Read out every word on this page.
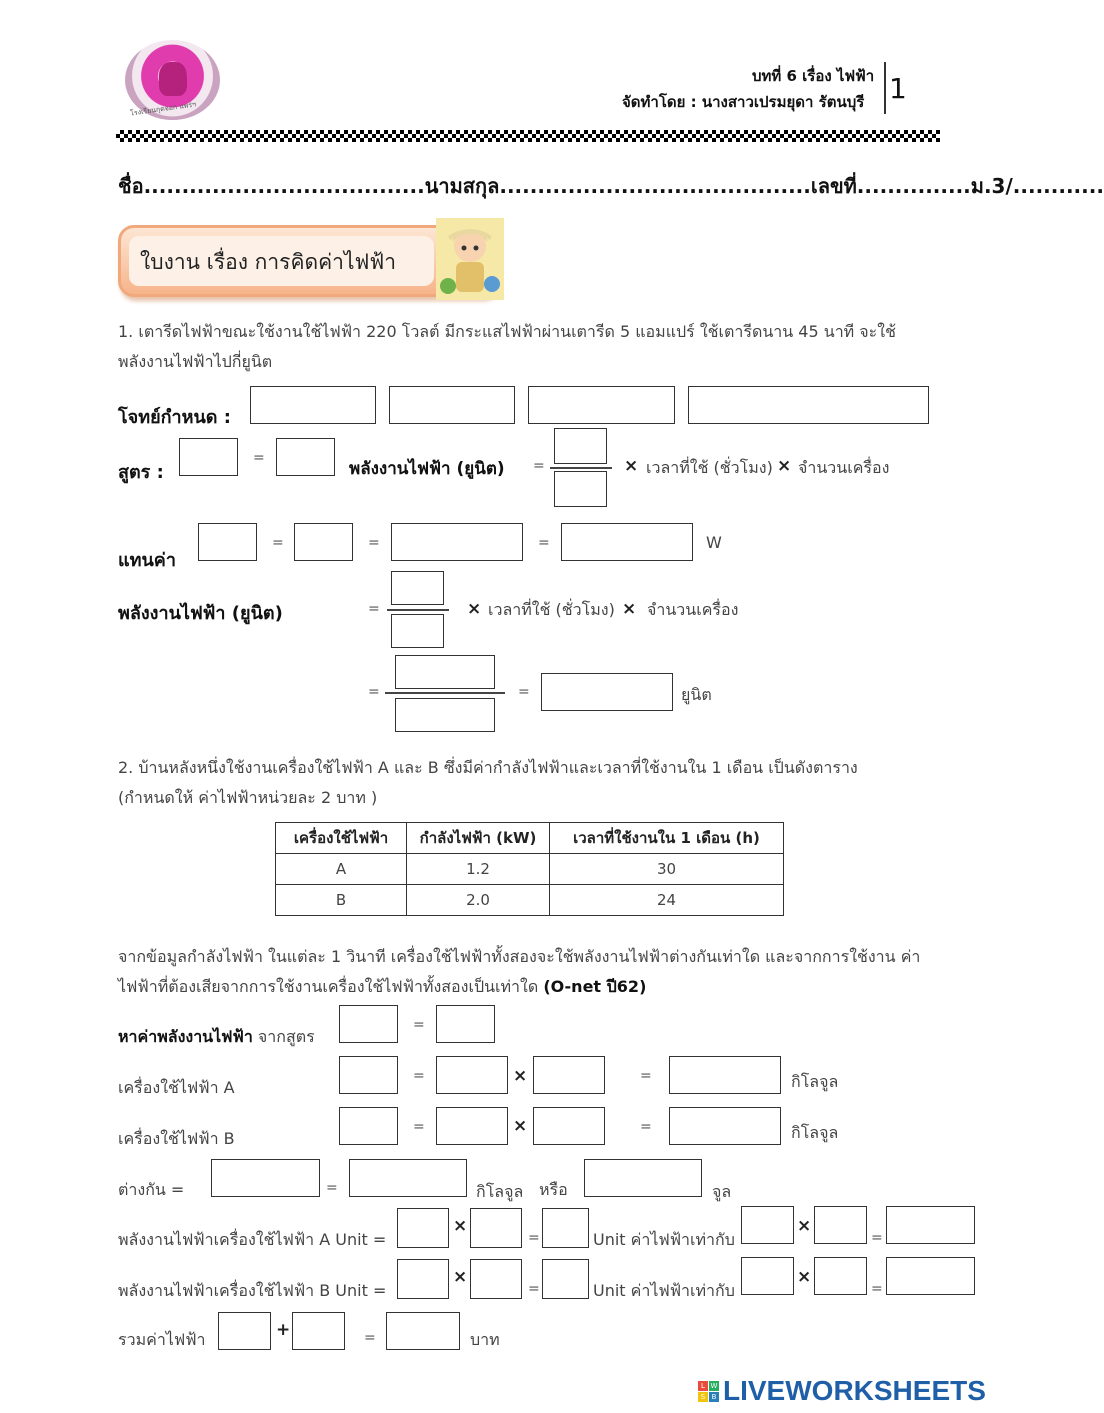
โรงเรียนกุดจอก แพร่ฯ
บทที่ 6 เรื่อง ไฟฟ้า
จัดทำโดย : นางสาวเปรมยุดา รัตนบุรี 1
ชื่อ.....................................นามสกุล.........................................เลขที่...............ม.3/............
ใบงาน เรื่อง การคิดค่าไฟฟ้า
1. เตารีดไฟฟ้าขณะใช้งานใช้ไฟฟ้า 220 โวลต์ มีกระแสไฟฟ้าผ่านเตารีด 5 แอมแปร์ ใช้เตารีดนาน 45 นาที จะใช้
พลังงานไฟฟ้าไปกี่ยูนิต
โจทย์กำหนด :
สูตร :
=
พลังงานไฟฟ้า (ยูนิต) =	× เวลาที่ใช้ (ชั่วโมง) × จำนวนเครื่อง
แทนค่า
=	=	=	W
พลังงานไฟฟ้า (ยูนิต)	=	× เวลาที่ใช้ (ชั่วโมง) × จำนวนเครื่อง
=	=	ยูนิต
2. บ้านหลังหนึ่งใช้งานเครื่องใช้ไฟฟ้า A และ B ซึ่งมีค่ากำลังไฟฟ้าและเวลาที่ใช้งานใน 1 เดือน เป็นดังตาราง
(กำหนดให้ ค่าไฟฟ้าหน่วยละ 2 บาท )
เครื่องใช้ไฟฟ้า	กำลังไฟฟ้า (kW)	เวลาที่ใช้งานใน 1 เดือน (h)
A	1.2	30
B	2.0	24
จากข้อมูลกำลังไฟฟ้า ในแต่ละ 1 วินาที เครื่องใช้ไฟฟ้าทั้งสองจะใช้พลังงานไฟฟ้าต่างกันเท่าใด และจากการใช้งาน ค่า
ไฟฟ้าที่ต้องเสียจากการใช้งานเครื่องใช้ไฟฟ้าทั้งสองเป็นเท่าใด (O-net ปี62)
หาค่าพลังงานไฟฟ้า จากสูตร
=
เครื่องใช้ไฟฟ้า A
=	×	=	กิโลจูล
เครื่องใช้ไฟฟ้า B
=	×	=	กิโลจูล
ต่างกัน =	=	กิโลจูล หรือ	จูล
พลังงานไฟฟ้าเครื่องใช้ไฟฟ้า A Unit =
×
=	Unit ค่าไฟฟ้าเท่ากับ
×
=
พลังงานไฟฟ้าเครื่องใช้ไฟฟ้า B Unit =
×
=	Unit ค่าไฟฟ้าเท่ากับ
×
=
รวมค่าไฟฟ้า	+	=	บาท
L W
S B LIVEWORKSHEETS
